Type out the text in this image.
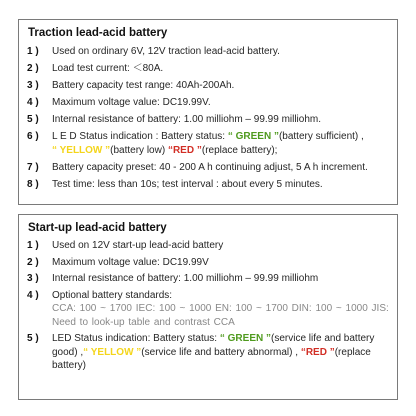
Traction lead-acid battery
1 )	Used on ordinary 6V, 12V traction lead-acid battery.
2 )	Load test current: ＜80A.
3 )	Battery capacity test range: 40Ah-200Ah.
4 )	Maximum voltage value: DC19.99V.
5 )	Internal resistance of battery: 1.00 milliohm – 99.99 milliohm.
6 )	L E D Status indication : Battery status: “ GREEN ”(battery sufficient) ,
“ YELLOW ”(battery low) “RED ”(replace battery);
7 )	Battery capacity preset: 40 - 200 A h continuing adjust, 5 A h increment.
8 )	Test time: less than 10s; test interval : about every 5 minutes.
Start-up lead-acid battery
1 )	Used on 12V start-up lead-acid battery
2 )	Maximum voltage value: DC19.99V
3 )	Internal resistance of battery: 1.00 milliohm – 99.99 milliohm
4 )	Optional battery standards:
CCA: 100 ~ 1700 IEC: 100 ~ 1000 EN: 100 ~ 1700 DIN: 100 ~ 1000 JIS: Need to look-up table and contrast CCA
5 )	LED Status indication: Battery status: “ GREEN ”(service life and battery good) ,“ YELLOW ”(service life and battery abnormal) , “RED ”(replace battery)
